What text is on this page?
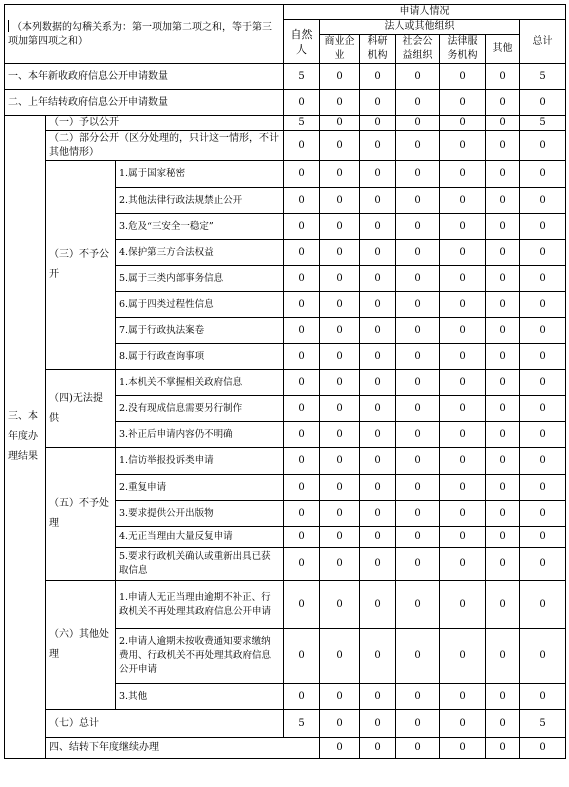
（本列数据的勾稽关系为：第一项加第二项之和，等于第三项加第四项之和）			申请人情况							
			自然人	法人或其他组织					总计	
				商业企业	科研机构	社会公益组织	法律服务机构	其他		
一、本年新收政府信息公开申请数量			5	0	0	0	0	0	5	
二、上年结转政府信息公开申请数量			0	0	0	0	0	0	0	
三、本年度办理结果	（一）予以公开		5	0	0	0	0	0	5	
	（二）部分公开（区分处理的，只计这一情形，不计其他情形）		0	0	0	0	0	0	0	
	（三）不予公开	1.属于国家秘密	0	0	0	0	0	0	0	
		2.其他法律行政法规禁止公开	0	0	0	0	0	0	0	
		3.危及“三安全一稳定”	0	0	0	0	0	0	0	
		4.保护第三方合法权益	0	0	0	0	0	0	0	
		5.属于三类内部事务信息	0	0	0	0	0	0	0	
		6.属于四类过程性信息	0	0	0	0	0	0	0	
		7.属于行政执法案卷	0	0	0	0	0	0	0	
		8.属于行政查询事项	0	0	0	0	0	0	0	
	（四)无法提供	1.本机关不掌握相关政府信息	0	0	0	0	0	0	0	
		2.没有现成信息需要另行制作	0	0	0	0	0	0	0	
		3.补正后申请内容仍不明确	0	0	0	0	0	0	0	
	（五）不予处理	1.信访举报投诉类申请	0	0	0	0	0	0	0	
		2.重复申请	0	0	0	0	0	0	0	
		3.要求提供公开出版物	0	0	0	0	0	0	0	
		4.无正当理由大量反复申请	0	0	0	0	0	0	0	
		5.要求行政机关确认或重新出具已获取信息	0	0	0	0	0	0	0	
	（六）其他处理	1.申请人无正当理由逾期不补正、行政机关不再处理其政府信息公开申请	0	0	0	0	0	0	0	
		2.申请人逾期未按收费通知要求缴纳费用、行政机关不再处理其政府信息公开申请	0	0	0	0	0	0	0	
		3.其他	0	0	0	0	0	0	0	
	（七）总计		5	0	0	0	0	0	5	
	四、结转下年度继续办理			0	0	0	0	0	0	
